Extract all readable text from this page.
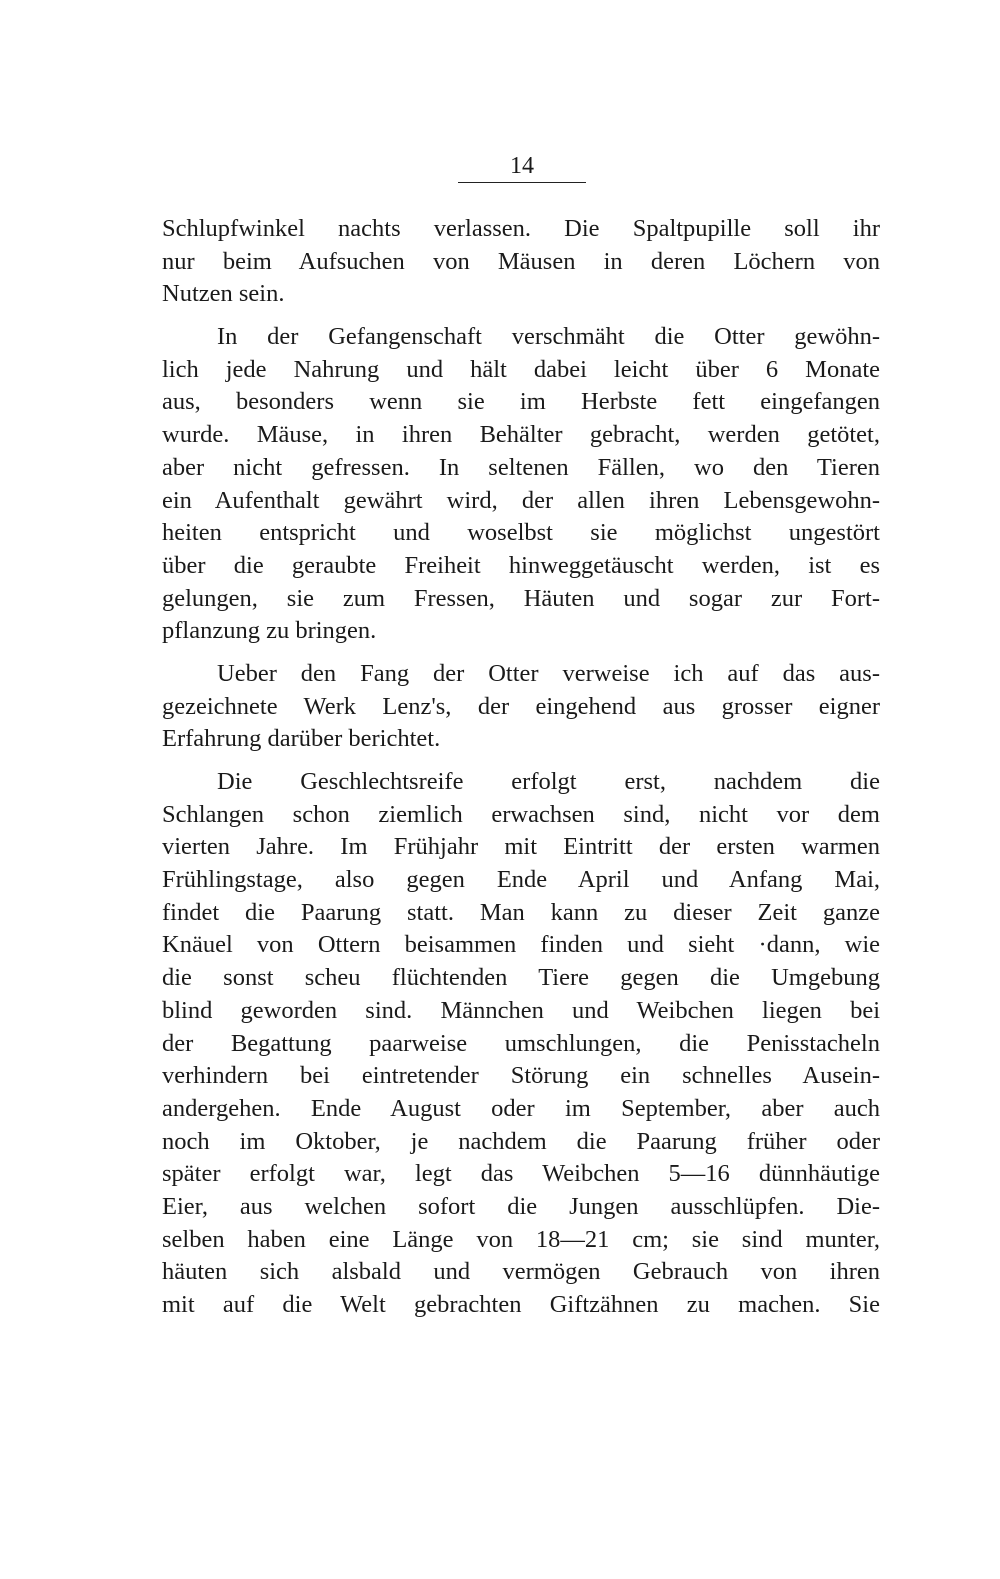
14
Schlupfwinkel nachts verlassen. Die Spaltpupille soll ihr
nur beim Aufsuchen von Mäusen in deren Löchern von
Nutzen sein.
In der Gefangenschaft verschmäht die Otter gewöhn-
lich jede Nahrung und hält dabei leicht über 6 Monate
aus, besonders wenn sie im Herbste fett eingefangen
wurde. Mäuse, in ihren Behälter gebracht, werden getötet,
aber nicht gefressen. In seltenen Fällen, wo den Tieren
ein Aufenthalt gewährt wird, der allen ihren Lebensgewohn-
heiten entspricht und woselbst sie möglichst ungestört
über die geraubte Freiheit hinweggetäuscht werden, ist es
gelungen, sie zum Fressen, Häuten und sogar zur Fort-
pflanzung zu bringen.
Ueber den Fang der Otter verweise ich auf das aus-
gezeichnete Werk Lenz's, der eingehend aus grosser eigner
Erfahrung darüber berichtet.
Die Geschlechtsreife erfolgt erst, nachdem die
Schlangen schon ziemlich erwachsen sind, nicht vor dem
vierten Jahre. Im Frühjahr mit Eintritt der ersten warmen
Frühlingstage, also gegen Ende April und Anfang Mai,
findet die Paarung statt. Man kann zu dieser Zeit ganze
Knäuel von Ottern beisammen finden und sieht ·dann, wie
die sonst scheu flüchtenden Tiere gegen die Umgebung
blind geworden sind. Männchen und Weibchen liegen bei
der Begattung paarweise umschlungen, die Penisstacheln
verhindern bei eintretender Störung ein schnelles Ausein-
andergehen. Ende August oder im September, aber auch
noch im Oktober, je nachdem die Paarung früher oder
später erfolgt war, legt das Weibchen 5—16 dünnhäutige
Eier, aus welchen sofort die Jungen ausschlüpfen. Die-
selben haben eine Länge von 18—21 cm; sie sind munter,
häuten sich alsbald und vermögen Gebrauch von ihren
mit auf die Welt gebrachten Giftzähnen zu machen. Sie
